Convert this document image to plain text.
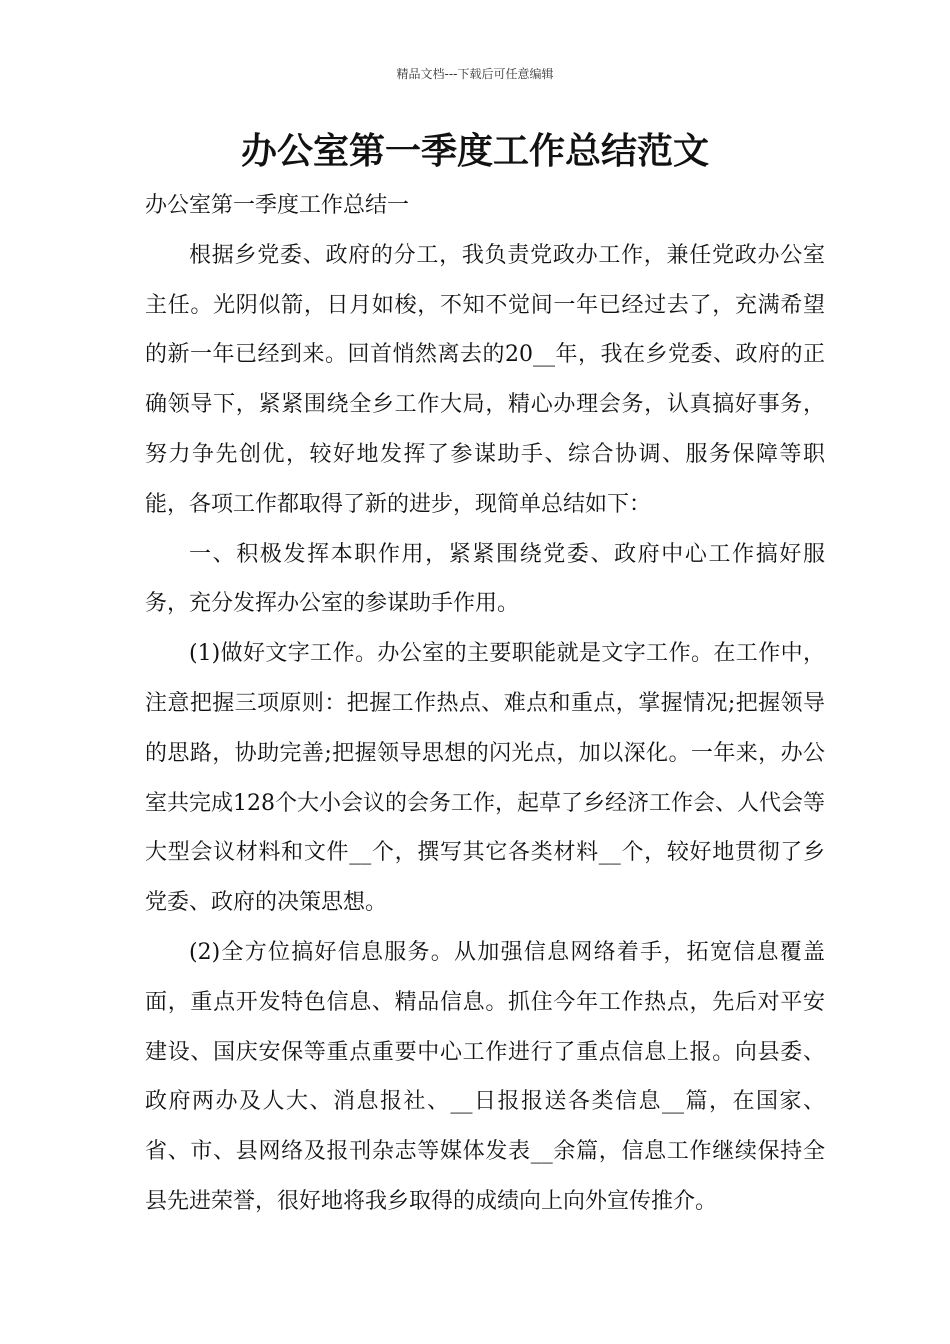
精品文档---下载后可任意编辑
办公室第一季度工作总结范文

办公室第一季度工作总结一

根据乡党委、政府的分工，我负责党政办工作，兼任党政办公室主任。光阴似箭，日月如梭，不知不觉间一年已经过去了，充满希望的新一年已经到来。回首悄然离去的20__年，我在乡党委、政府的正确领导下，紧紧围绕全乡工作大局，精心办理会务，认真搞好事务，努力争先创优，较好地发挥了参谋助手、综合协调、服务保障等职能，各项工作都取得了新的进步，现简单总结如下：

一、积极发挥本职作用，紧紧围绕党委、政府中心工作搞好服务，充分发挥办公室的参谋助手作用。

(1)做好文字工作。办公室的主要职能就是文字工作。在工作中，注意把握三项原则：把握工作热点、难点和重点，掌握情况;把握领导的思路，协助完善;把握领导思想的闪光点，加以深化。一年来，办公室共完成128个大小会议的会务工作，起草了乡经济工作会、人代会等大型会议材料和文件__个，撰写其它各类材料__个，较好地贯彻了乡党委、政府的决策思想。

(2)全方位搞好信息服务。从加强信息网络着手，拓宽信息覆盖面，重点开发特色信息、精品信息。抓住今年工作热点，先后对平安建设、国庆安保等重点重要中心工作进行了重点信息上报。向县委、政府两办及人大、消息报社、__日报报送各类信息__篇，在国家、省、市、县网络及报刊杂志等媒体发表__余篇，信息工作继续保持全县先进荣誉，很好地将我乡取得的成绩向上向外宣传推介。
